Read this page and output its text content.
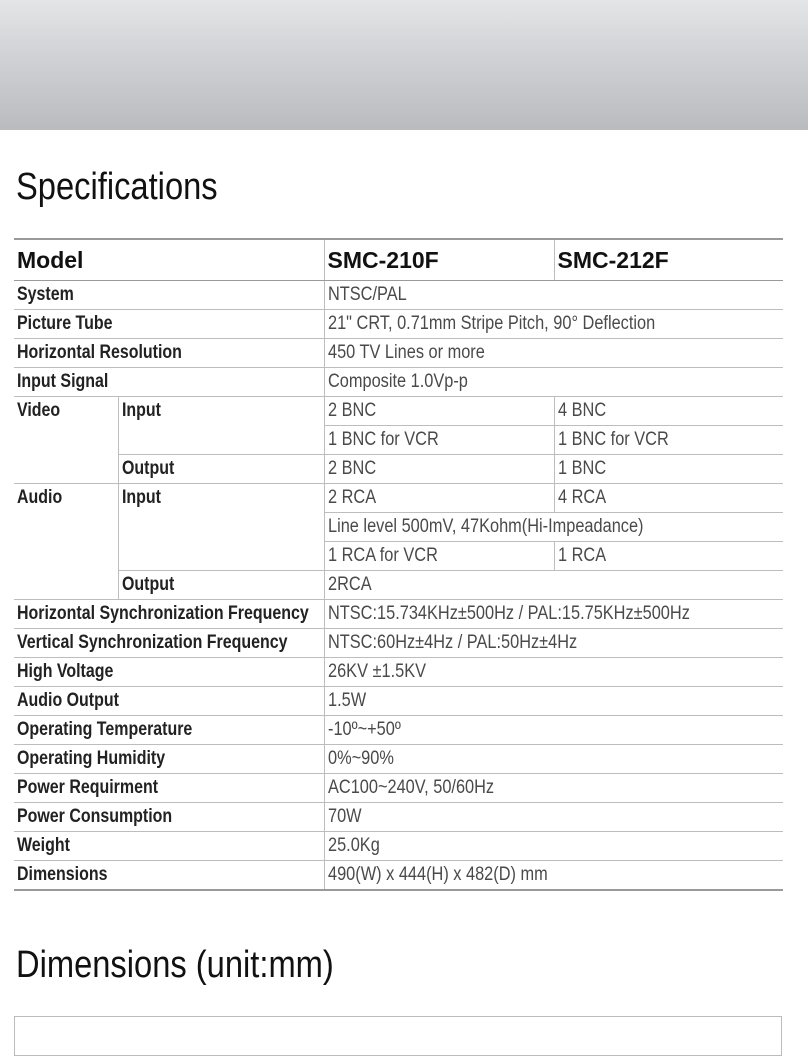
Specifications
Model		SMC-210F	SMC-212F
System		NTSC/PAL	
Picture Tube		21" CRT, 0.71mm Stripe Pitch, 90° Deflection	
Horizontal Resolution		450 TV Lines or more	
Input Signal		Composite 1.0Vp-p	
Video	Input	2 BNC	4 BNC
		1 BNC for VCR	1 BNC for VCR
	Output	2 BNC	1 BNC
Audio	Input	2 RCA	4 RCA
		Line level 500mV, 47Kohm(Hi-Impeadance)	
		1 RCA for VCR	1 RCA
	Output	2RCA	
Horizontal Synchronization Frequency		NTSC:15.734KHz±500Hz / PAL:15.75KHz±500Hz	
Vertical Synchronization Frequency		NTSC:60Hz±4Hz / PAL:50Hz±4Hz	
High Voltage		26KV ±1.5KV	
Audio Output		1.5W	
Operating Temperature		-10º~+50º	
Operating Humidity		0%~90%	
Power Requirment		AC100~240V, 50/60Hz	
Power Consumption		70W	
Weight		25.0Kg	
Dimensions		490(W) x 444(H) x 482(D) mm	
Dimensions (unit:mm)
